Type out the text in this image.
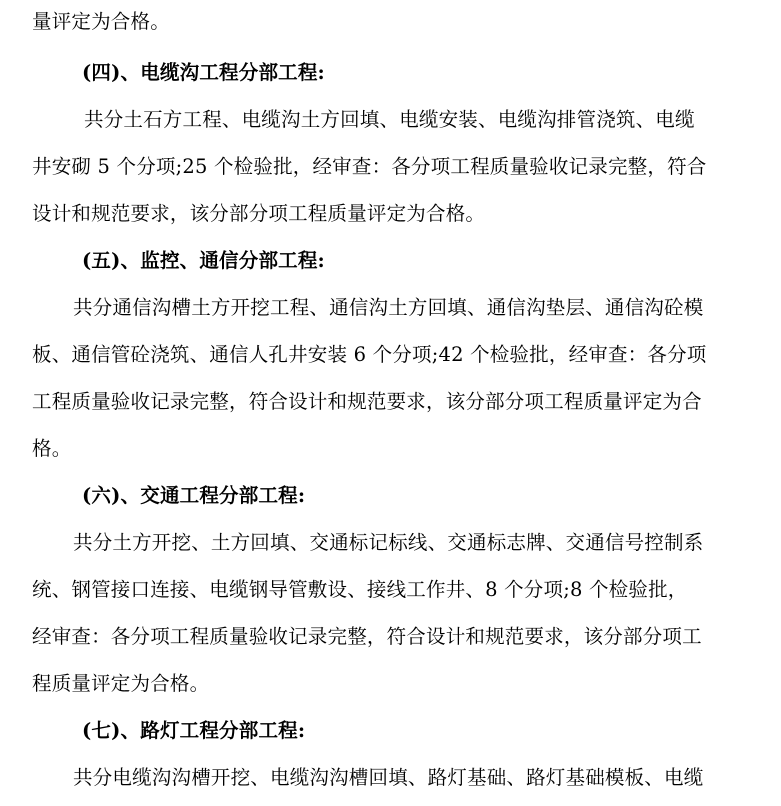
量评定为合格。
(四)、电缆沟工程分部工程:
共分土石方工程、电缆沟土方回填、电缆安装、电缆沟排管浇筑、电缆
井安砌 5 个分项;25 个检验批，经审查：各分项工程质量验收记录完整，符合
设计和规范要求，该分部分项工程质量评定为合格。
(五)、监控、通信分部工程:
共分通信沟槽土方开挖工程、通信沟土方回填、通信沟垫层、通信沟砼模
板、通信管砼浇筑、通信人孔井安装 6 个分项;42 个检验批，经审查：各分项
工程质量验收记录完整，符合设计和规范要求，该分部分项工程质量评定为合
格。
(六)、交通工程分部工程:
共分土方开挖、土方回填、交通标记标线、交通标志牌、交通信号控制系
统、钢管接口连接、电缆钢导管敷设、接线工作井、8 个分项;8 个检验批，
经审查：各分项工程质量验收记录完整，符合设计和规范要求，该分部分项工
程质量评定为合格。
(七)、路灯工程分部工程:
共分电缆沟沟槽开挖、电缆沟沟槽回填、路灯基础、路灯基础模板、电缆
